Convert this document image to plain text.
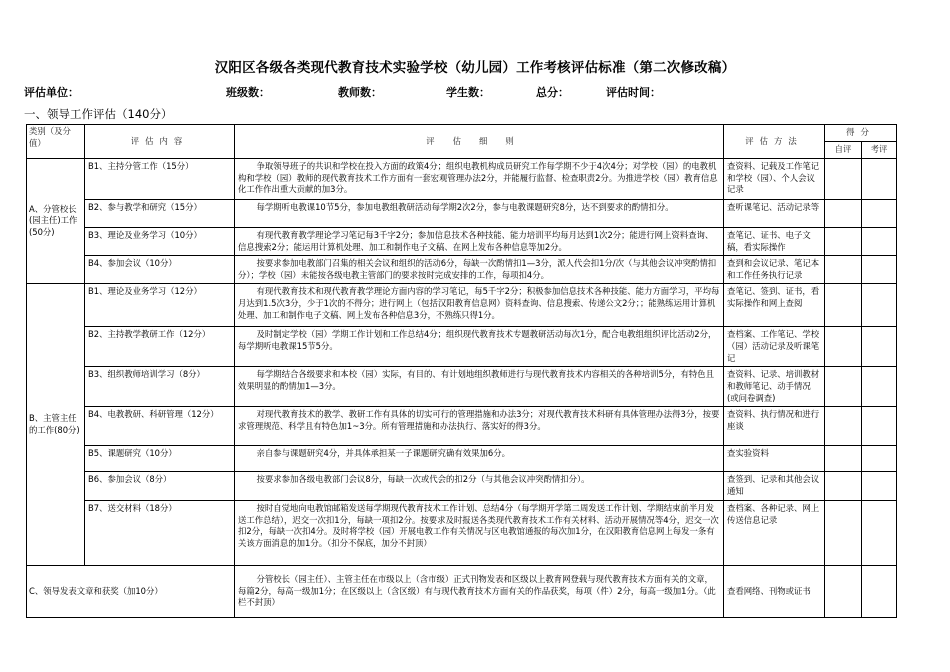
汉阳区各级各类现代教育技术实验学校（幼儿园）工作考核评估标准（第二次修改稿）
评估单位：	班级数：	教师数：	学生数：	总分：	评估时间：
一、领导工作评估（140分）
类别（及分值）	评估内容	评估细则	评估方法	得分	
				自评	考评
A、分管校长(园主任)工作(50分)	B1、主持分管工作（15分）	争取领导班子的共识和学校在投入方面的政策4分；组织电教机构成员研究工作每学期不少于4次4分；对学校（园）的电教机构和学校（园）教师的现代教育技术工作方面有一套宏观管理办法2分，并能履行监督、检查职责2分。为推进学校（园）教育信息化工作作出重大贡献的加3分。	查资料、记载及工作笔记和学校（园）、个人会议记录		
	B2、参与教学和研究（15分）	每学期听电教课10节5分，参加电教组教研活动每学期2次2分，参与电教课题研究8分，达不到要求的酌情扣分。	查听课笔记、活动记录等		
	B3、理论及业务学习（10分）	有现代教育教学理论学习笔记每3千字2分；参加信息技术各种技能、能力培训平均每月达到1次2分；能进行网上资料查询、信息搜索2分；能运用计算机处理、加工和制作电子文稿、在网上发布各种信息等加2分。	查笔记、证书、电子文稿，看实际操作		
	B4、参加会议（10分）	按要求参加电教部门召集的相关会议和组织的活动6分，每缺一次酌情扣1—3分，派人代会扣1分/次（与其他会议冲突酌情扣分）；学校（园）未能按各级电教主管部门的要求按时完成安排的工作，每项扣4分。	查到和会议记录、笔记本和工作任务执行记录		
B、主管主任的工作(80分)	B1、理论及业务学习（12分）	有现代教育技术和现代教育教学理论方面内容的学习笔记，每5千字2分；积极参加信息技术各种技能、能力方面学习，平均每月达到1.5次3分，少于1次的不得分；进行网上（包括汉阳教育信息网）资料查询、信息搜索、传递公文2分；；能熟练运用计算机处理、加工和制作电子文稿、网上发布各种信息3分，不熟练只得1分。	查笔记、签到、证书，看实际操作和网上查阅		
	B2、主持教学教研工作（12分）	及时制定学校（园）学期工作计划和工作总结4分；组织现代教育技术专题教研活动每次1分，配合电教组组织评比活动2分，每学期听电教课15节5分。	查档案、工作笔记、学校（园）活动记录及听课笔记		
	B3、组织教师培训学习（8分）	每学期结合各级要求和本校（园）实际，有目的、有计划地组织教师进行与现代教育技术内容相关的各种培训5分，有特色且效果明显的酌情加1—3分。	查资料、记录、培训教材和教师笔记、动手情况(或问卷调查)		
	B4、电教教研、科研管理（12分）	对现代教育技术的教学、教研工作有具体的切实可行的管理措施和办法3分；对现代教育技术科研有具体管理办法得3分，按要求管理规范、科学且有特色加1~3分。所有管理措施和办法执行、落实好的得3分。	查资料、执行情况和进行座谈		
	B5、课题研究（10分）	亲自参与课题研究4分，并具体承担某一子课题研究确有效果加6分。	查实验资料		
	B6、参加会议（8分）	按要求参加各级电教部门会议8分，每缺一次或代会的扣2分（与其他会议冲突酌情扣分）。	查签到、记录和其他会议通知		
	B7、送交材料（18分）	按时自觉地向电教馆邮箱发送每学期现代教育技术工作计划、总结4分（每学期开学第二周发送工作计划、学期结束前半月发送工作总结），迟交一次扣1分，每缺一项扣2分。按要求及时报送各类现代教育技术工作有关材料、活动开展情况等4分，迟交一次扣2分，每缺一次扣4分。及时将学校（园）开展电教工作有关情况与区电教馆通报的每次加1分，在汉阳教育信息网上每发一条有关该方面消息的加1分。（扣分不保底，加分不封顶）	查档案、各种记录、网上传送信息记录		
C、领导发表文章和获奖（加10分）		分管校长（园主任）、主管主任在市级以上（含市级）正式刊物发表和区级以上教育网登载与现代教育技术方面有关的文章，每篇2分，每高一级加1分；在区级以上（含区级）有与现代教育技术方面有关的作品获奖，每项（件）2分，每高一级加1分。（此栏不封顶）	查看网络、刊物或证书		
